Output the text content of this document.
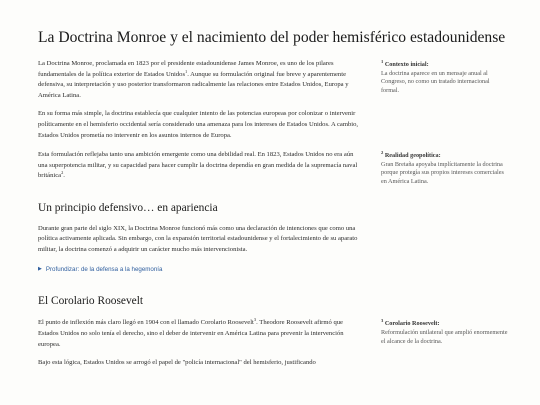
La Doctrina Monroe y el nacimiento del poder hemisférico estadounidense

La Doctrina Monroe, proclamada en 1823 por el presidente estadounidense James Monroe, es uno de los pilares fundamentales de la política exterior de Estados Unidos$^1$. Aunque su formulación original fue breve y aparentemente defensiva, su interpretación y uso posterior transformaron radicalmente las relaciones entre Estados Unidos, Europa y América Latina.

En su forma más simple, la doctrina establecía que cualquier intento de las potencias europeas por colonizar o intervenir políticamente en el hemisferio occidental sería considerado una amenaza para los intereses de Estados Unidos. A cambio, Estados Unidos prometía no intervenir en los asuntos internos de Europa.

$^1$ Contexto inicial:
La doctrina aparece en un mensaje anual al Congreso, no como un tratado internacional formal.

Esta formulación reflejaba tanto una ambición emergente como una debilidad real. En 1823, Estados Unidos no era aún una superpotencia militar, y su capacidad para hacer cumplir la doctrina dependía en gran medida de la supremacía naval británica$^2$.

$^2$ Realidad geopolítica:
Gran Bretaña apoyaba implícitamente la doctrina porque protegía sus propios intereses comerciales en América Latina.
Un principio defensivo… en apariencia

Durante gran parte del siglo XIX, la Doctrina Monroe funcionó más como una declaración de intenciones que como una política activamente aplicada. Sin embargo, con la expansión territorial estadounidense y el fortalecimiento de su aparato militar, la doctrina comenzó a adquirir un carácter mucho más intervencionista.

▶ Profundizar: de la defensa a la hegemonía
El Corolario Roosevelt

El punto de inflexión más claro llegó en 1904 con el llamado Corolario Roosevelt$^3$. Theodore Roosevelt afirmó que Estados Unidos no solo tenía el derecho, sino el deber de intervenir en América Latina para prevenir la intervención europea.

Bajo esta lógica, Estados Unidos se arrogó el papel de "policía internacional" del hemisferio, justificando

$^3$ Corolario Roosevelt:
Reformulación unilateral que amplió enormemente el alcance de la doctrina.
